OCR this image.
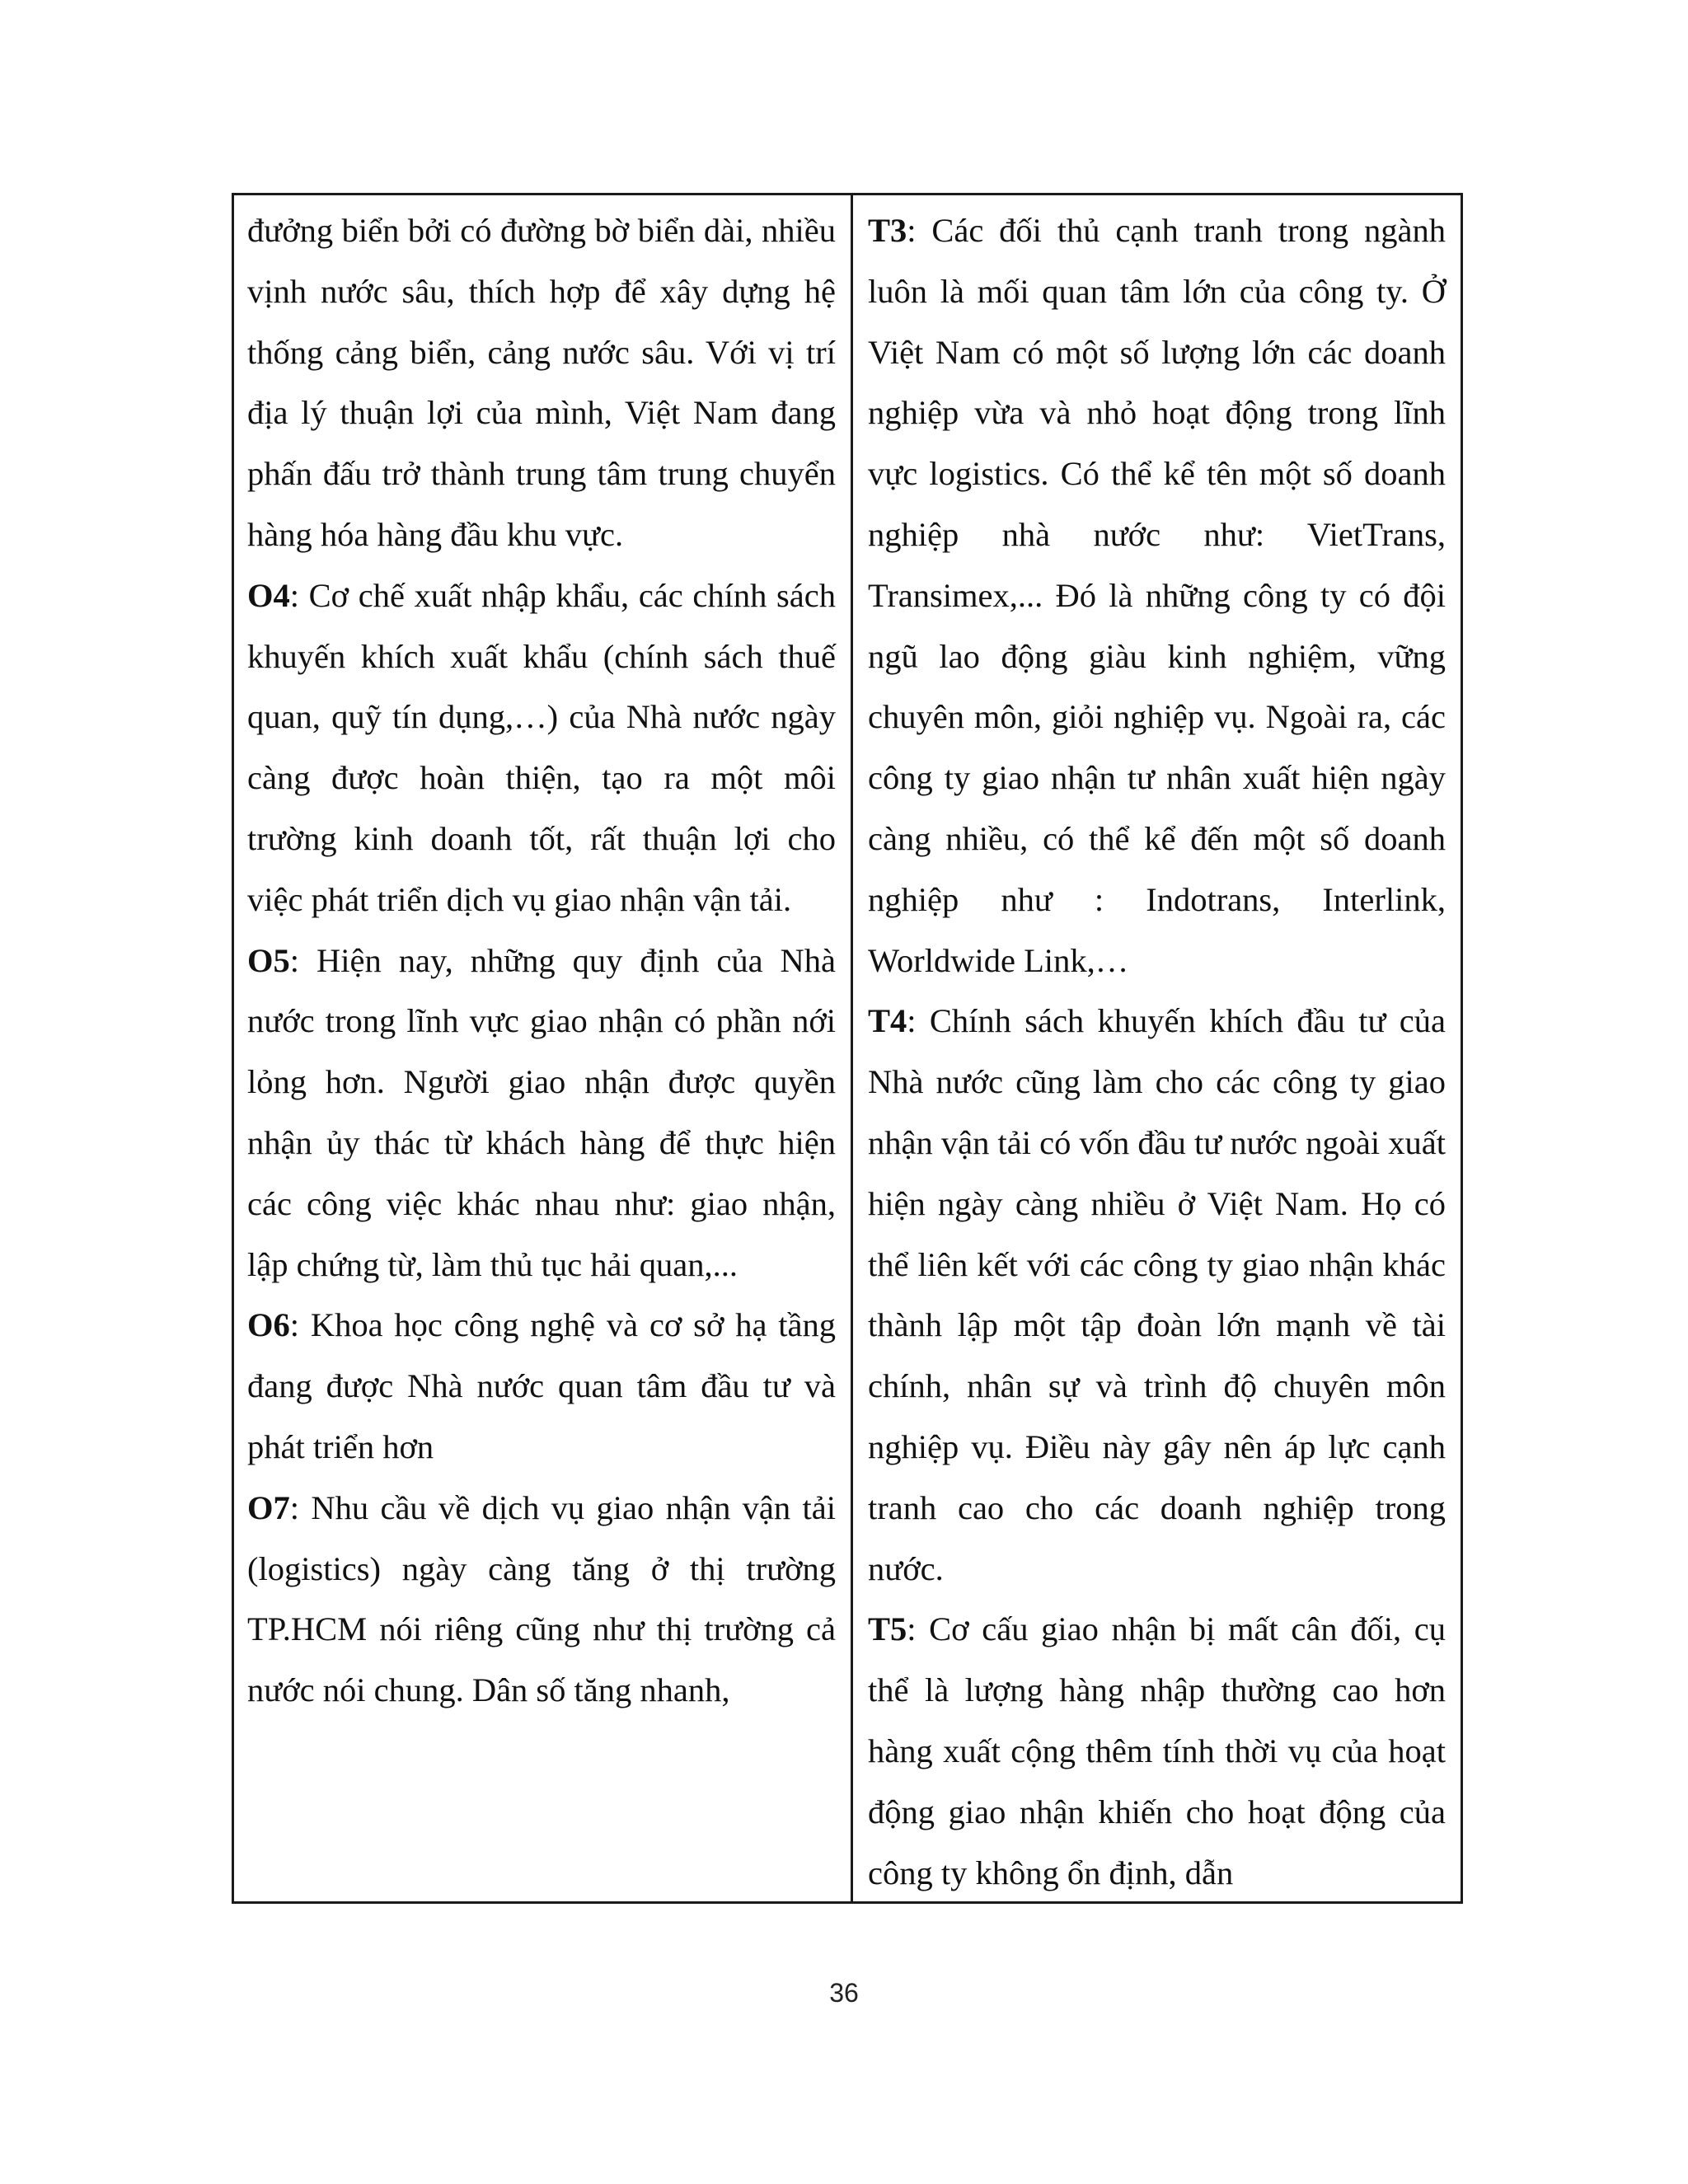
đưởng biển bởi có đường bờ biển dài, nhiều vịnh nước sâu, thích hợp để xây dựng hệ thống cảng biển, cảng nước sâu. Với vị trí địa lý thuận lợi của mình, Việt Nam đang phấn đấu trở thành trung tâm trung chuyển hàng hóa hàng đầu khu vực.

O4: Cơ chế xuất nhập khẩu, các chính sách khuyến khích xuất khẩu (chính sách thuế quan, quỹ tín dụng,…) của Nhà nước ngày càng được hoàn thiện, tạo ra một môi trường kinh doanh tốt, rất thuận lợi cho việc phát triển dịch vụ giao nhận vận tải.

O5: Hiện nay, những quy định của Nhà nước trong lĩnh vực giao nhận có phần nới lỏng hơn. Người giao nhận được quyền nhận ủy thác từ khách hàng để thực hiện các công việc khác nhau như: giao nhận, lập chứng từ, làm thủ tục hải quan,...

O6: Khoa học công nghệ và cơ sở hạ tầng đang được Nhà nước quan tâm đầu tư và phát triển hơn

O7: Nhu cầu về dịch vụ giao nhận vận tải (logistics) ngày càng tăng ở thị trường TP.HCM nói riêng cũng như thị trường cả nước nói chung. Dân số tăng nhanh,

T3: Các đối thủ cạnh tranh trong ngành luôn là mối quan tâm lớn của công ty. Ở Việt Nam có một số lượng lớn các doanh nghiệp vừa và nhỏ hoạt động trong lĩnh vực logistics. Có thể kể tên một số doanh nghiệp nhà nước như: VietTrans, Transimex,... Đó là những công ty có đội ngũ lao động giàu kinh nghiệm, vững chuyên môn, giỏi nghiệp vụ. Ngoài ra, các công ty giao nhận tư nhân xuất hiện ngày càng nhiều, có thể kể đến một số doanh nghiệp như : Indotrans, Interlink, Worldwide Link,…

T4: Chính sách khuyến khích đầu tư của Nhà nước cũng làm cho các công ty giao nhận vận tải có vốn đầu tư nước ngoài xuất hiện ngày càng nhiều ở Việt Nam. Họ có thể liên kết với các công ty giao nhận khác thành lập một tập đoàn lớn mạnh về tài chính, nhân sự và trình độ chuyên môn nghiệp vụ. Điều này gây nên áp lực cạnh tranh cao cho các doanh nghiệp trong nước.

T5: Cơ cấu giao nhận bị mất cân đối, cụ thể là lượng hàng nhập thường cao hơn hàng xuất cộng thêm tính thời vụ của hoạt động giao nhận khiến cho hoạt động của công ty không ổn định, dẫn

36
